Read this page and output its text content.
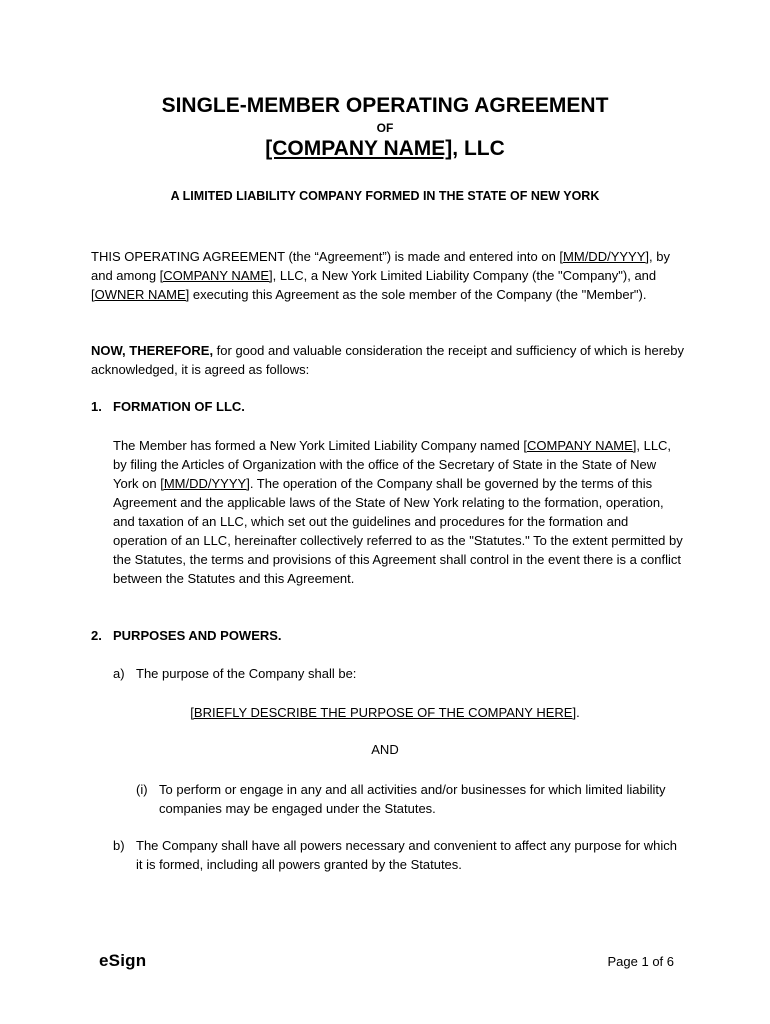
SINGLE-MEMBER OPERATING AGREEMENT
OF
[COMPANY NAME], LLC
A LIMITED LIABILITY COMPANY FORMED IN THE STATE OF NEW YORK

THIS OPERATING AGREEMENT (the “Agreement”) is made and entered into on [MM/DD/YYYY], by and among [COMPANY NAME], LLC, a New York Limited Liability Company (the "Company"), and [OWNER NAME] executing this Agreement as the sole member of the Company (the "Member").

NOW, THEREFORE, for good and valuable consideration the receipt and sufficiency of which is hereby acknowledged, it is agreed as follows:

1. FORMATION OF LLC.

The Member has formed a New York Limited Liability Company named [COMPANY NAME], LLC, by filing the Articles of Organization with the office of the Secretary of State in the State of New York on [MM/DD/YYYY]. The operation of the Company shall be governed by the terms of this Agreement and the applicable laws of the State of New York relating to the formation, operation, and taxation of an LLC, which set out the guidelines and procedures for the formation and operation of an LLC, hereinafter collectively referred to as the "Statutes." To the extent permitted by the Statutes, the terms and provisions of this Agreement shall control in the event there is a conflict between the Statutes and this Agreement.

2. PURPOSES AND POWERS.
a) The purpose of the Company shall be:
[BRIEFLY DESCRIBE THE PURPOSE OF THE COMPANY HERE].
AND
(i) To perform or engage in any and all activities and/or businesses for which limited liability companies may be engaged under the Statutes.
b) The Company shall have all powers necessary and convenient to affect any purpose for which it is formed, including all powers granted by the Statutes.
eSign	Page 1 of 6
